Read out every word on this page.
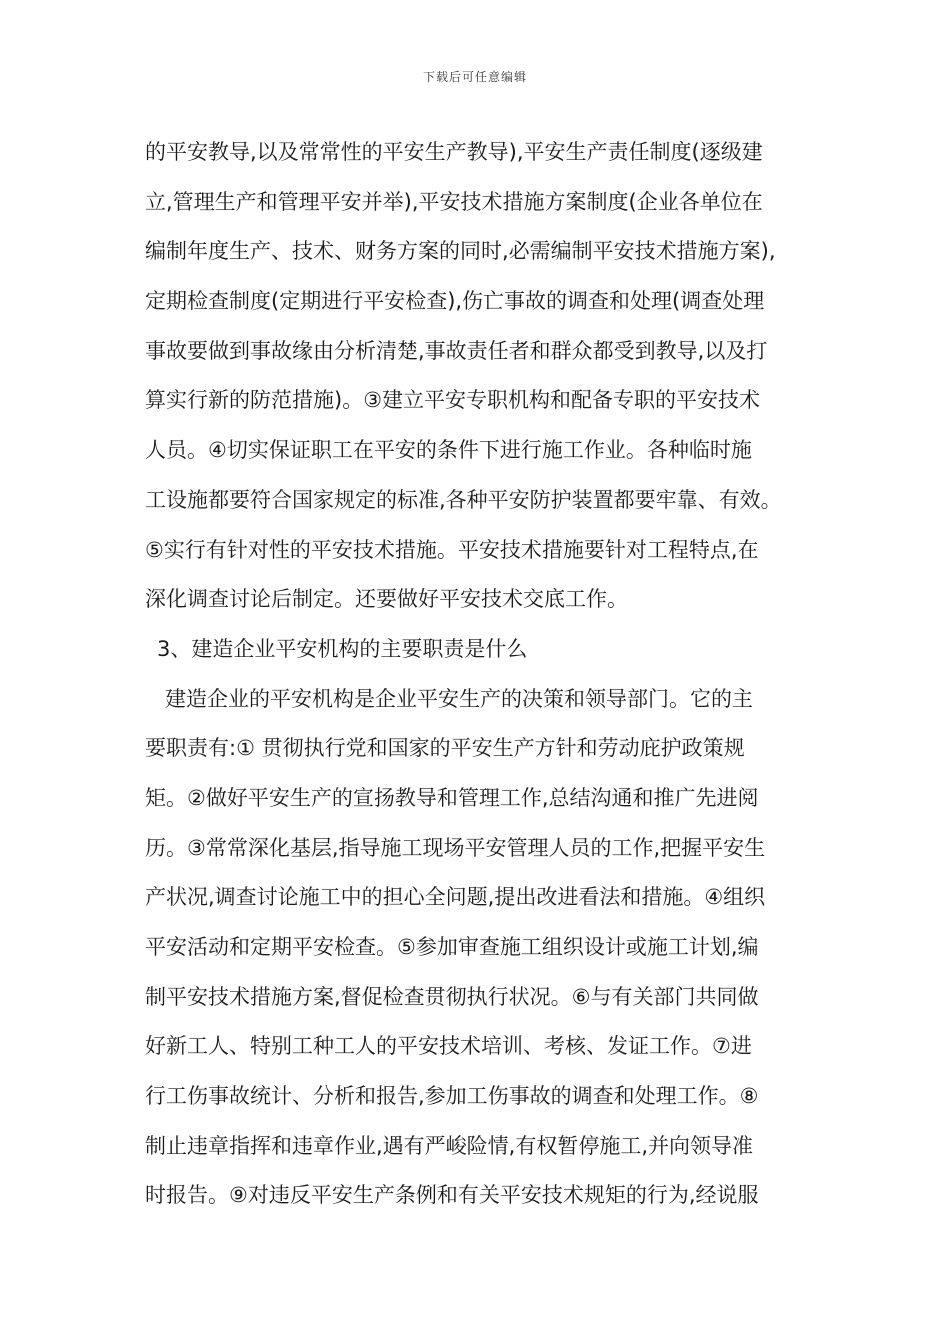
下载后可任意编辑
的平安教导,以及常常性的平安生产教导),平安生产责任制度(逐级建
立,管理生产和管理平安并举),平安技术措施方案制度(企业各单位在
编制年度生产、技术、财务方案的同时,必需编制平安技术措施方案),
定期检查制度(定期进行平安检查),伤亡事故的调查和处理(调查处理
事故要做到事故缘由分析清楚,事故责任者和群众都受到教导,以及打
算实行新的防范措施)。③建立平安专职机构和配备专职的平安技术
人员。④切实保证职工在平安的条件下进行施工作业。各种临时施
工设施都要符合国家规定的标准,各种平安防护装置都要牢靠、有效。
⑤实行有针对性的平安技术措施。平安技术措施要针对工程特点,在
深化调查讨论后制定。还要做好平安技术交底工作。
3、建造企业平安机构的主要职责是什么
建造企业的平安机构是企业平安生产的决策和领导部门。它的主
要职责有:① 贯彻执行党和国家的平安生产方针和劳动庇护政策规
矩。②做好平安生产的宣扬教导和管理工作,总结沟通和推广先进阅
历。③常常深化基层,指导施工现场平安管理人员的工作,把握平安生
产状况,调查讨论施工中的担心全问题,提出改进看法和措施。④组织
平安活动和定期平安检查。⑤参加审查施工组织设计或施工计划,编
制平安技术措施方案,督促检查贯彻执行状况。⑥与有关部门共同做
好新工人、特别工种工人的平安技术培训、考核、发证工作。⑦进
行工伤事故统计、分析和报告,参加工伤事故的调查和处理工作。⑧
制止违章指挥和违章作业,遇有严峻险情,有权暂停施工,并向领导准
时报告。⑨对违反平安生产条例和有关平安技术规矩的行为,经说服
